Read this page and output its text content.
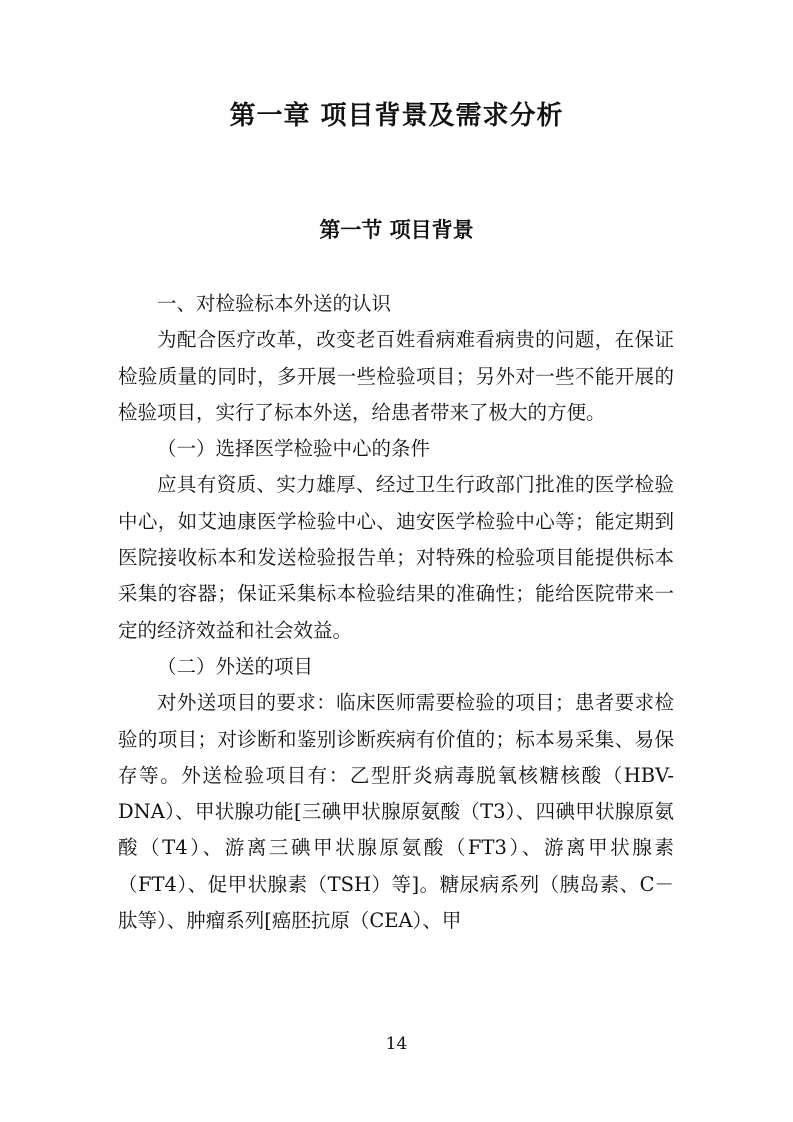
第一章 项目背景及需求分析
第一节 项目背景

一、对检验标本外送的认识

为配合医疗改革，改变老百姓看病难看病贵的问题，在保证检验质量的同时，多开展一些检验项目；另外对一些不能开展的检验项目，实行了标本外送，给患者带来了极大的方便。

（一）选择医学检验中心的条件

应具有资质、实力雄厚、经过卫生行政部门批准的医学检验中心，如艾迪康医学检验中心、迪安医学检验中心等；能定期到医院接收标本和发送检验报告单；对特殊的检验项目能提供标本采集的容器；保证采集标本检验结果的准确性；能给医院带来一定的经济效益和社会效益。

（二）外送的项目

对外送项目的要求：临床医师需要检验的项目；患者要求检验的项目；对诊断和鉴别诊断疾病有价值的；标本易采集、易保存等。外送检验项目有：乙型肝炎病毒脱氧核糖核酸（HBV-DNA）、甲状腺功能[三碘甲状腺原氨酸（T3）、四碘甲状腺原氨酸（T4）、游离三碘甲状腺原氨酸（FT3）、游离甲状腺素（FT4）、促甲状腺素（TSH）等]。糖尿病系列（胰岛素、C－肽等）、肿瘤系列[癌胚抗原（CEA）、甲

14
